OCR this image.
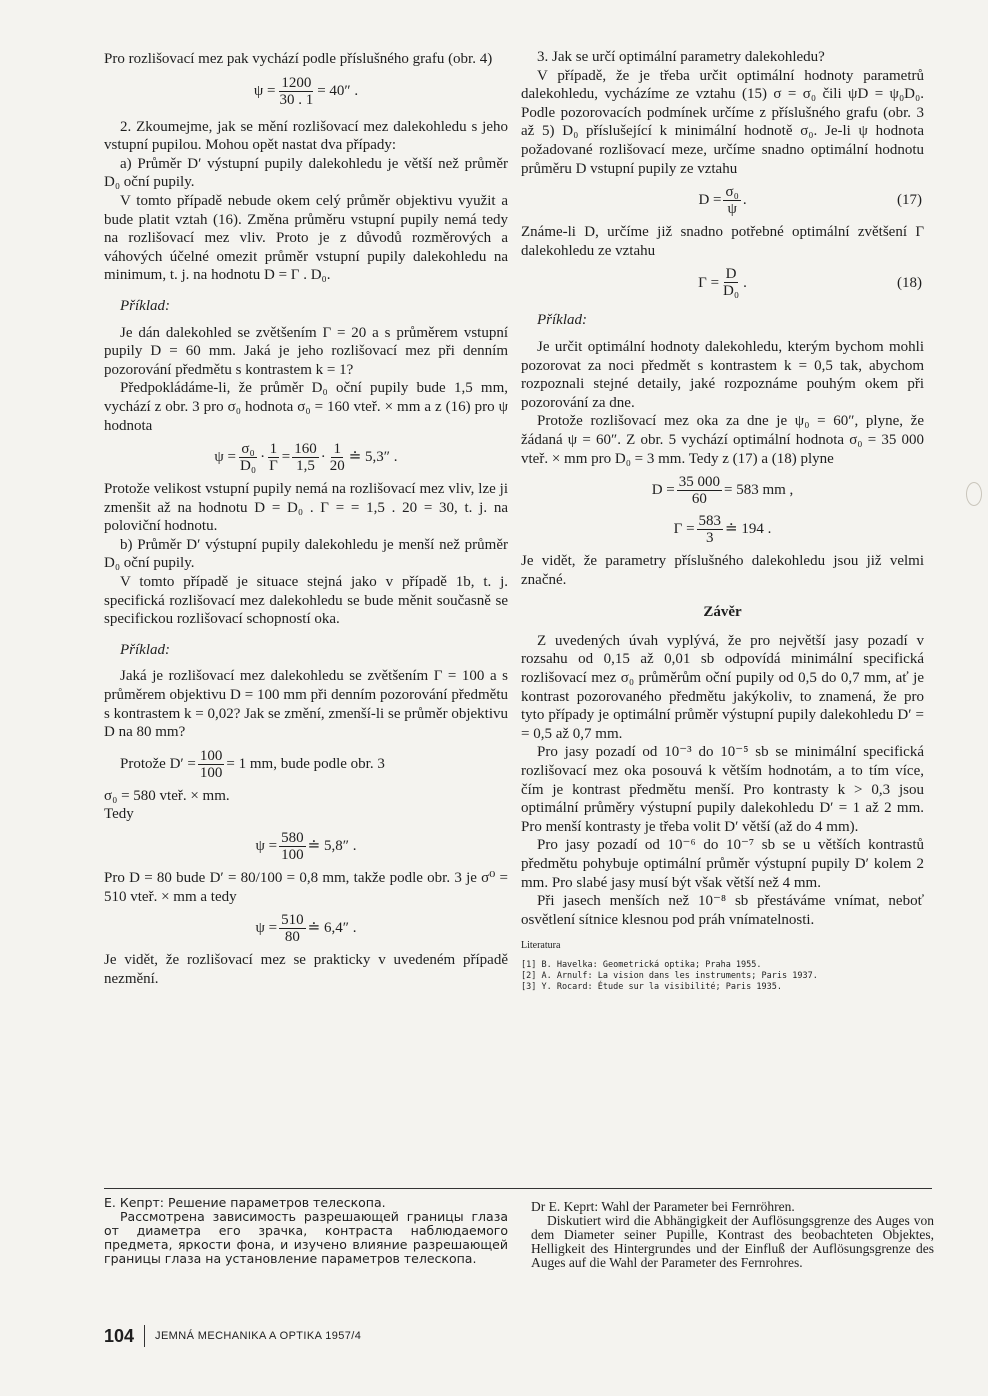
Pro rozlišovací mez pak vychází podle příslušného grafu (obr. 4)

$\psi = \frac{1200}{30 . 1} = 40''$ .

2. Zkoumejme, jak se mění rozlišovací mez dalekohledu s jeho vstupní pupilou. Mohou opět nastat dva případy:

a) Průměr D′ výstupní pupily dalekohledu je větší než průměr D₀ oční pupily.

V tomto případě nebude okem celý průměr objektivu využit a bude platit vztah (16). Změna průměru vstupní pupily nemá tedy na rozlišovací mez vliv. Proto je z důvodů rozměrových a váhových účelné omezit průměr vstupní pupily dalekohledu na minimum, t. j. na hodnotu D = Γ . D₀.

Příklad:

Je dán dalekohled se zvětšením Γ = 20 a s průměrem vstupní pupily D = 60 mm. Jaká je jeho rozlišovací mez při denním pozorování předmětu s kontrastem k = 1?

Předpokládáme-li, že průměr D₀ oční pupily bude 1,5 mm, vychází z obr. 3 pro σ₀ hodnota σ₀ = 160 vteř. × mm a z (16) pro ψ hodnota

$\psi = \frac{\text{σ₀}}{\text{D₀}} \cdot \frac{1}{\Gamma} = \frac{160}{1,5} \cdot \frac{1}{20}$ ≐ 5,3″ .

Protože velikost vstupní pupily nemá na rozlišovací mez vliv, lze ji zmenšit až na hodnotu D = D₀ . Γ = = 1,5 . 20 = 30, t. j. na poloviční hodnotu.

b) Průměr D′ výstupní pupily dalekohledu je menší než průměr D₀ oční pupily.

V tomto případě je situace stejná jako v případě 1b, t. j. specifická rozlišovací mez dalekohledu se bude měnit současně se specifickou rozlišovací schopností oka.

Příklad:

Jaká je rozlišovací mez dalekohledu se zvětšením Γ = 100 a s průměrem objektivu D = 100 mm při denním pozorování předmětu s kontrastem k = 0,02? Jak se změní, zmenší-li se průměr objektivu D na 80 mm?

Protože $D' = \frac{100}{100} = 1$ mm, bude podle obr. 3

σ₀ = 580 vteř. × mm.

Tedy

$\psi = \frac{580}{100}$ ≐ 5,8″ .

Pro D = 80 bude D′ = 80/100 = 0,8 mm, takže podle obr. 3 je σ⁰ = 510 vteř. × mm a tedy

$\psi = \frac{510}{80}$ ≐ 6,4″ .

Je vidět, že rozlišovací mez se prakticky v uvedeném případě nezmění.

3. Jak se určí optimální parametry dalekohledu?

V případě, že je třeba určit optimální hodnoty parametrů dalekohledu, vycházíme ze vztahu (15) σ = σ₀ čili ψD = ψ₀D₀. Podle pozorovacích podmínek určíme z příslušného grafu (obr. 3 až 5) D₀ příslušející k minimální hodnotě σ₀. Je-li ψ hodnota požadované rozlišovací meze, určíme snadno optimální hodnotu průměru D vstupní pupily ze vztahu

$D = \frac{\text{σ₀}}{\psi}$ .	(17)

Známe-li D, určíme již snadno potřebné optimální zvětšení Γ dalekohledu ze vztahu

$\Gamma = \frac{D}{\text{D₀}}$ .	(18)

Příklad:

Je určit optimální hodnoty dalekohledu, kterým bychom mohli pozorovat za noci předmět s kontrastem k = 0,5 tak, abychom rozpoznali stejné detaily, jaké rozpoznáme pouhým okem při pozorování za dne.

Protože rozlišovací mez oka za dne je ψ₀ = 60″, plyne, že žádaná ψ = 60″. Z obr. 5 vychází optimální hodnota σ₀ = 35 000 vteř. × mm pro D₀ = 3 mm. Tedy z (17) a (18) plyne

$D = \frac{35 000}{60} = 583$ mm ,

$\Gamma = \frac{583}{3}$ ≐ 194 .

Je vidět, že parametry příslušného dalekohledu jsou již velmi značné.

Závěr

Z uvedených úvah vyplývá, že pro největší jasy pozadí v rozsahu od 0,15 až 0,01 sb odpovídá minimální specifická rozlišovací mez σ₀ průměrům oční pupily od 0,5 do 0,7 mm, ať je kontrast pozorovaného předmětu jakýkoliv, to znamená, že pro tyto případy je optimální průměr výstupní pupily dalekohledu D′ = = 0,5 až 0,7 mm.

Pro jasy pozadí od 10⁻³ do 10⁻⁵ sb se minimální specifická rozlišovací mez oka posouvá k větším hodnotám, a to tím více, čím je kontrast předmětu menší. Pro kontrasty k > 0,3 jsou optimální průměry výstupní pupily dalekohledu D′ = 1 až 2 mm. Pro menší kontrasty je třeba volit D′ větší (až do 4 mm).

Pro jasy pozadí od 10⁻⁶ do 10⁻⁷ sb se u větších kontrastů předmětu pohybuje optimální průměr výstupní pupily D′ kolem 2 mm. Pro slabé jasy musí být však větší než 4 mm.

Při jasech menších než 10⁻⁸ sb přestáváme vnímat, neboť osvětlení sítnice klesnou pod práh vnímatelnosti.

Literatura

[1] B. Havelka: Geometrická optika; Praha 1955.
[2] A. Arnulf: La vision dans les instruments; Paris 1937.
[3] Y. Rocard: Étude sur la visibilité; Paris 1935.

Е. Кепрт: Решение параметров телескопа.

Рассмотрена зависимость разрешающей границы глаза от диаметра его зрачка, контраста наблюдаемого предмета, яркости фона, и изучено влияние разрешающей границы глаза на установление параметров телескопа.

Dr E. Keprt: Wahl der Parameter bei Fernröhren.

Diskutiert wird die Abhängigkeit der Auflösungsgrenze des Auges von dem Diameter seiner Pupille, Kontrast des beobachteten Objektes, Helligkeit des Hintergrundes und der Einfluß der Auflösungsgrenze des Auges auf die Wahl der Parameter des Fernrohres.

104 JEMNÁ MECHANIKA A OPTIKA 1957/4
